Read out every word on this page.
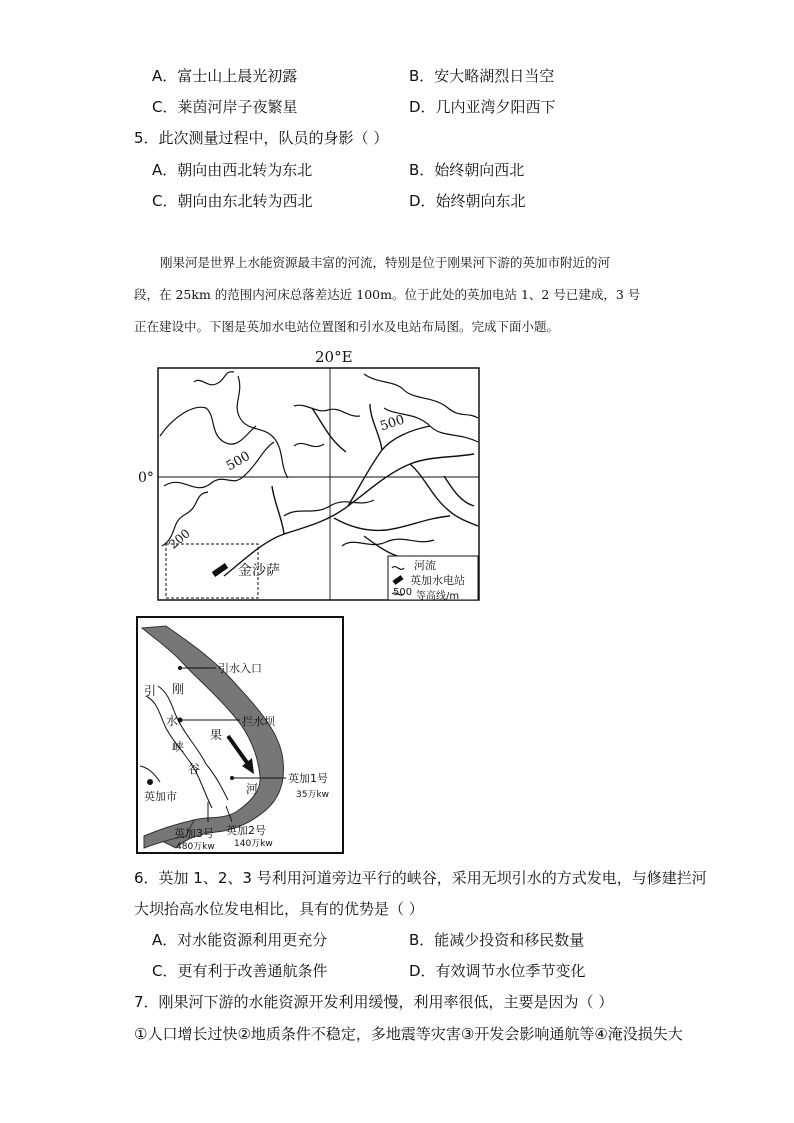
A．富士山上晨光初露	B．安大略湖烈日当空
C．莱茵河岸子夜繁星	D．几内亚湾夕阳西下
5．此次测量过程中，队员的身影（ ）
A．朝向由西北转为东北	B．始终朝向西北
C．朝向由东北转为西北	D．始终朝向东北
刚果河是世界上水能资源最丰富的河流，特别是位于刚果河下游的英加市附近的河
段，在 25km 的范围内河床总落差达近 100m。位于此处的英加电站 1、2 号已建成，3 号
正在建设中。下图是英加水电站位置图和引水及电站布局图。完成下面小题。
20°E
0°
500
500
200
金沙萨	河流
英加水电站
500 等高线/m
引水入口
拦水坝
引
水
峡
谷
刚
果
河
英加市
英加1号
35万kw
英加2号
140万kw
英加3号
480万kw
6．英加 1、2、3 号利用河道旁边平行的峡谷，采用无坝引水的方式发电，与修建拦河
大坝抬高水位发电相比，具有的优势是（ ）
A．对水能资源利用更充分	B．能减少投资和移民数量
C．更有利于改善通航条件	D．有效调节水位季节变化
7．刚果河下游的水能资源开发利用缓慢，利用率很低，主要是因为（ ）
①人口增长过快②地质条件不稳定，多地震等灾害③开发会影响通航等④淹没损失大
